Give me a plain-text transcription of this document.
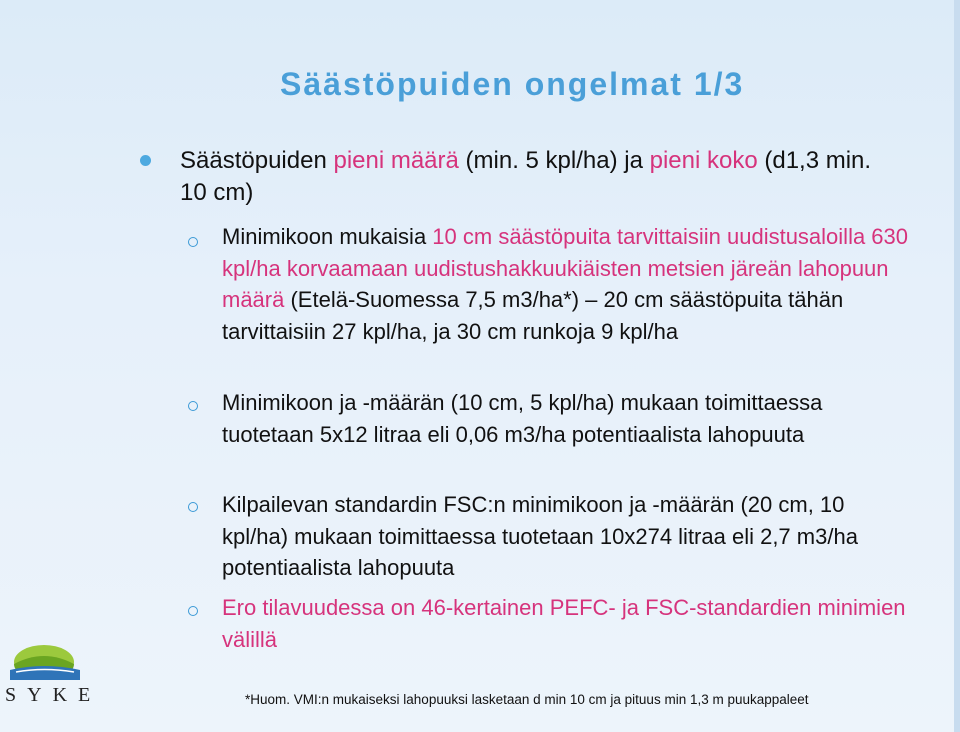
Säästöpuiden ongelmat 1/3

Säästöpuiden pieni määrä (min. 5 kpl/ha) ja pieni koko (d1,3 min. 10 cm)

Minimikoon mukaisia 10 cm säästöpuita tarvittaisiin uudistusaloilla 630 kpl/ha korvaamaan uudistushakkuukiäisten metsien järeän lahopuun määrä (Etelä-Suomessa 7,5 m3/ha*) – 20 cm säästöpuita tähän tarvittaisiin 27 kpl/ha, ja 30 cm runkoja 9 kpl/ha

Minimikoon ja -määrän (10 cm, 5 kpl/ha) mukaan toimittaessa tuotetaan 5x12 litraa eli 0,06 m3/ha potentiaalista lahopuuta

Kilpailevan standardin FSC:n minimikoon ja -määrän (20 cm, 10 kpl/ha) mukaan toimittaessa tuotetaan 10x274 litraa eli 2,7 m3/ha potentiaalista lahopuuta

Ero tilavuudessa on 46-kertainen PEFC- ja FSC-standardien minimien välillä

SYKE	*Huom. VMI:n mukaiseksi lahopuuksi lasketaan d min 10 cm ja pituus min 1,3 m puukappaleet
